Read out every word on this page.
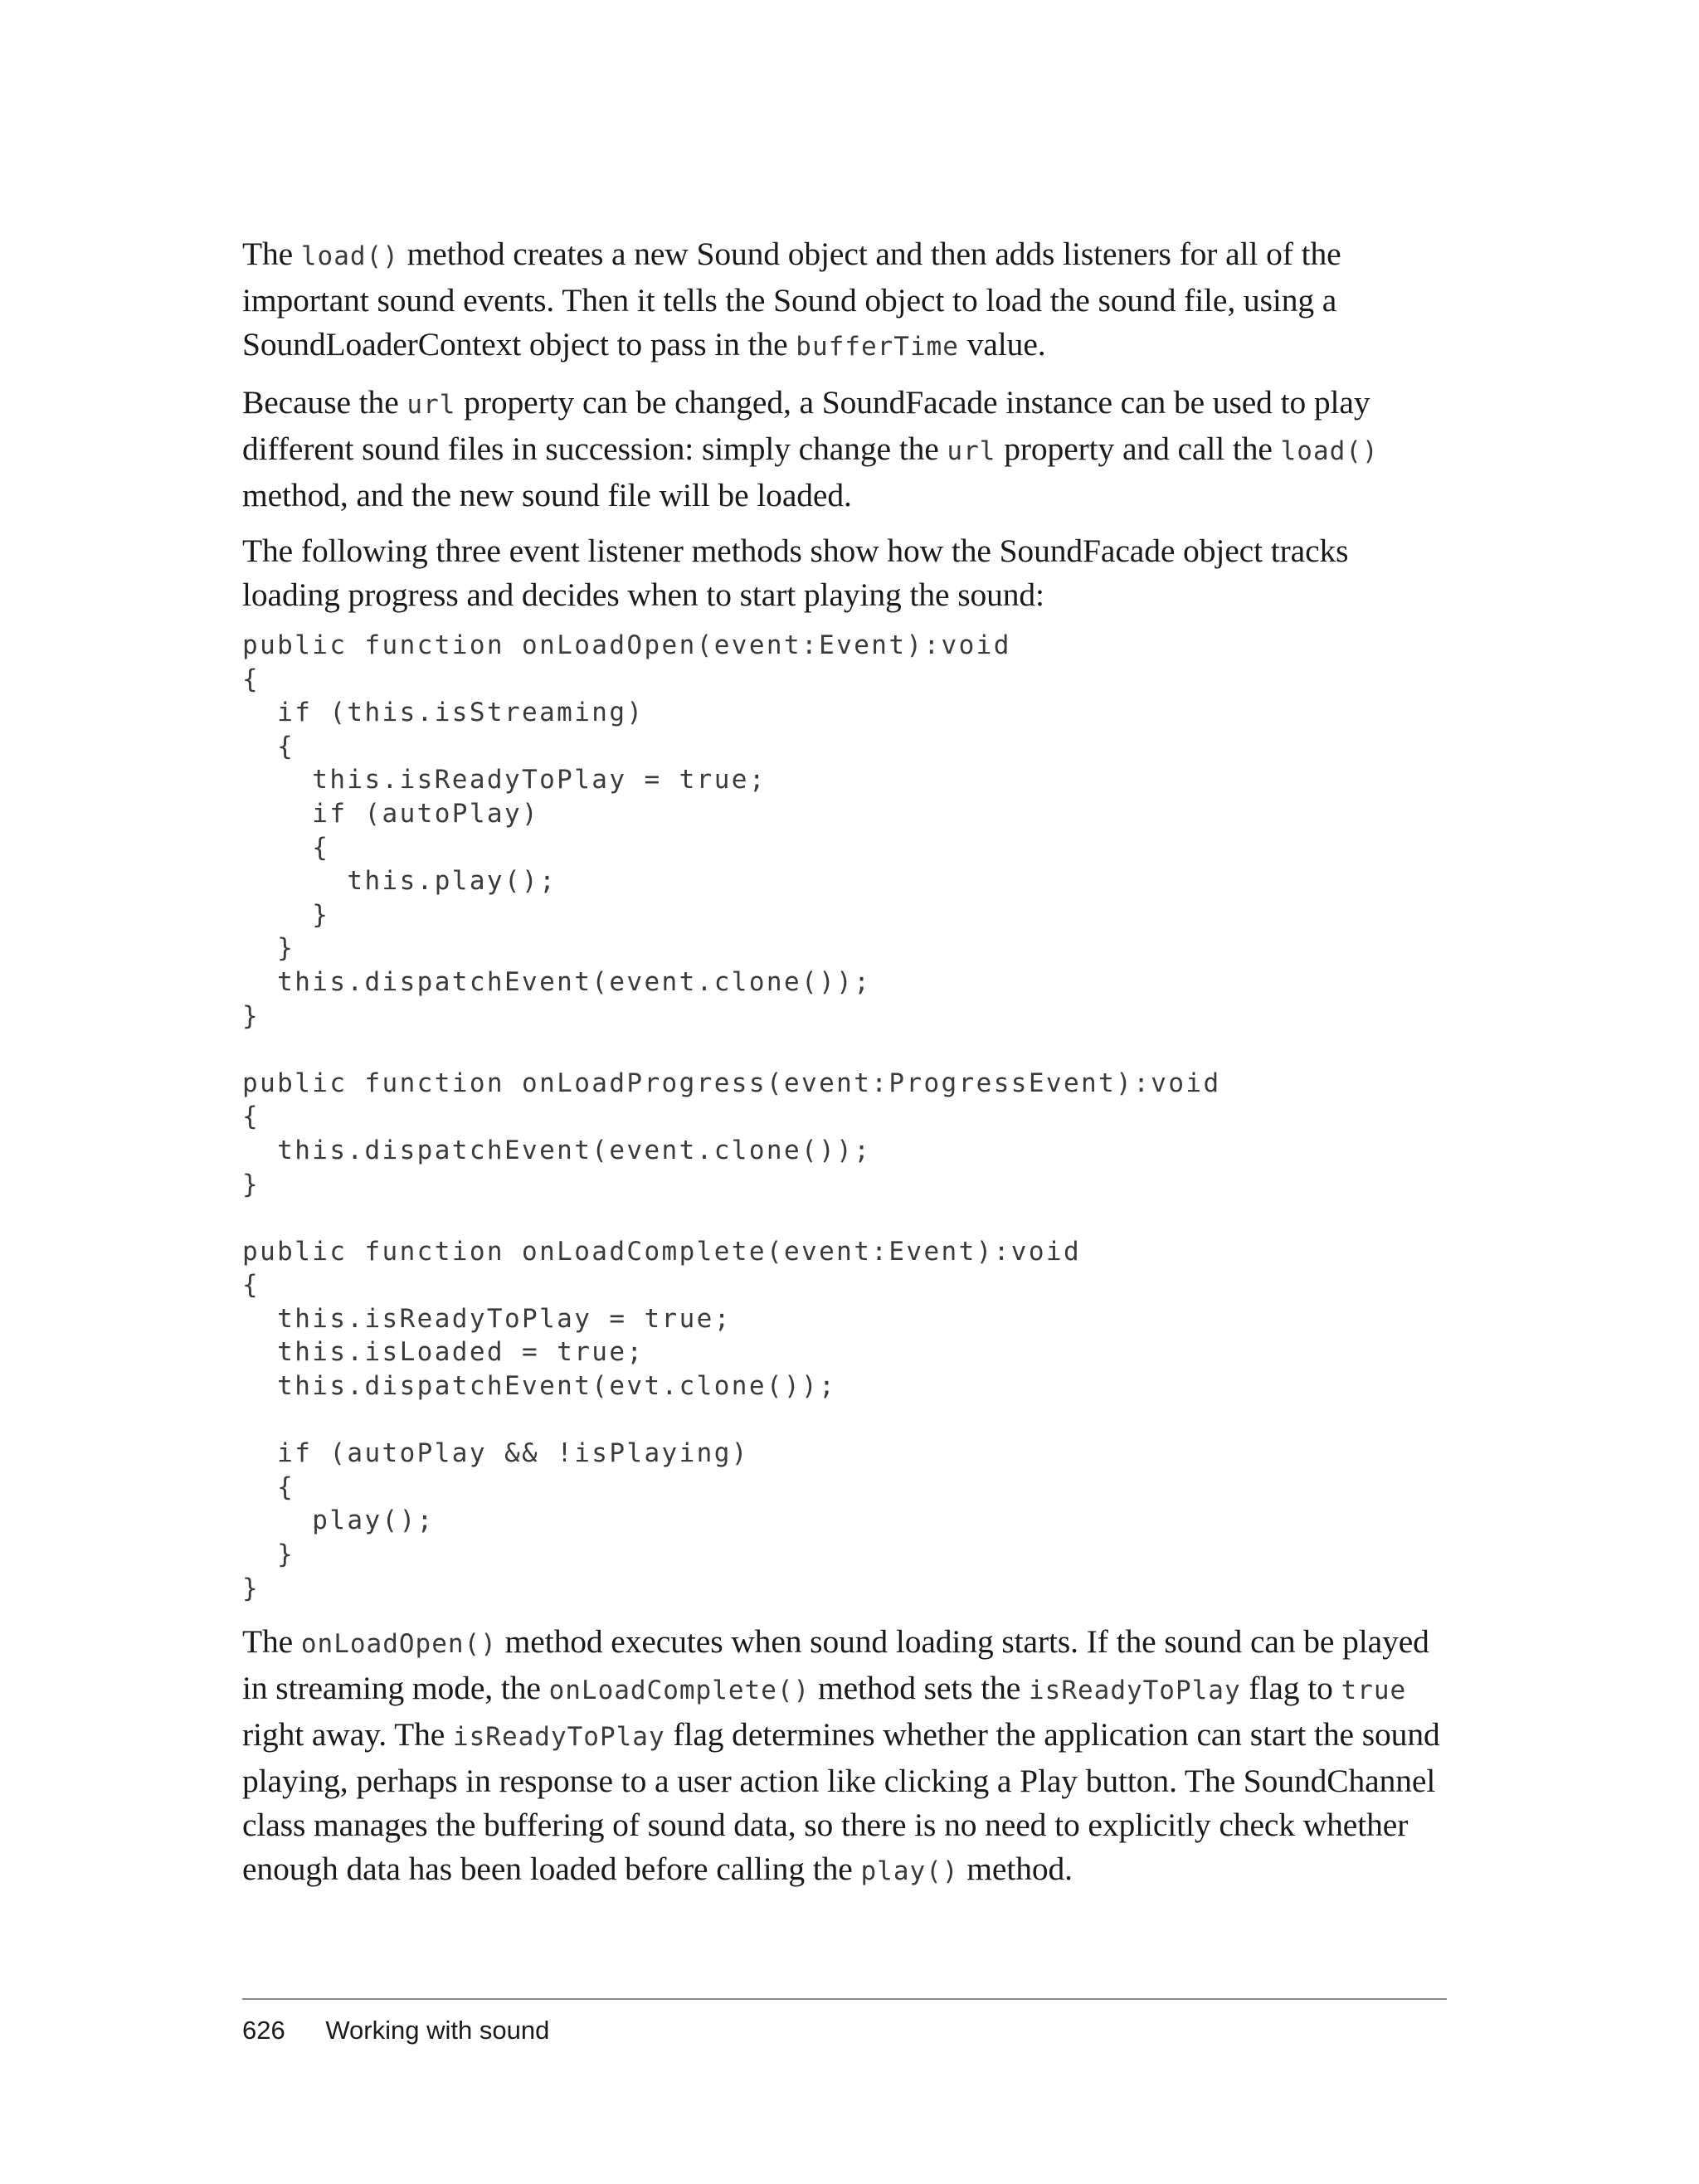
The load() method creates a new Sound object and then adds listeners for all of the important sound events. Then it tells the Sound object to load the sound file, using a SoundLoaderContext object to pass in the bufferTime value.

Because the url property can be changed, a SoundFacade instance can be used to play different sound files in succession: simply change the url property and call the load() method, and the new sound file will be loaded.

The following three event listener methods show how the SoundFacade object tracks loading progress and decides when to start playing the sound:

public function onLoadOpen(event:Event):void
{
if (this.isStreaming)
{
this.isReadyToPlay = true;
if (autoPlay)
{
this.play();
}
}
this.dispatchEvent(event.clone());
}
public function onLoadProgress(event:ProgressEvent):void
{
this.dispatchEvent(event.clone());
}
public function onLoadComplete(event:Event):void
{
this.isReadyToPlay = true;
this.isLoaded = true;
this.dispatchEvent(evt.clone());
if (autoPlay && !isPlaying)
{
play();
}
}

The onLoadOpen() method executes when sound loading starts. If the sound can be played in streaming mode, the onLoadComplete() method sets the isReadyToPlay flag to true right away. The isReadyToPlay flag determines whether the application can start the sound playing, perhaps in response to a user action like clicking a Play button. The SoundChannel class manages the buffering of sound data, so there is no need to explicitly check whether enough data has been loaded before calling the play() method.

626 Working with sound
